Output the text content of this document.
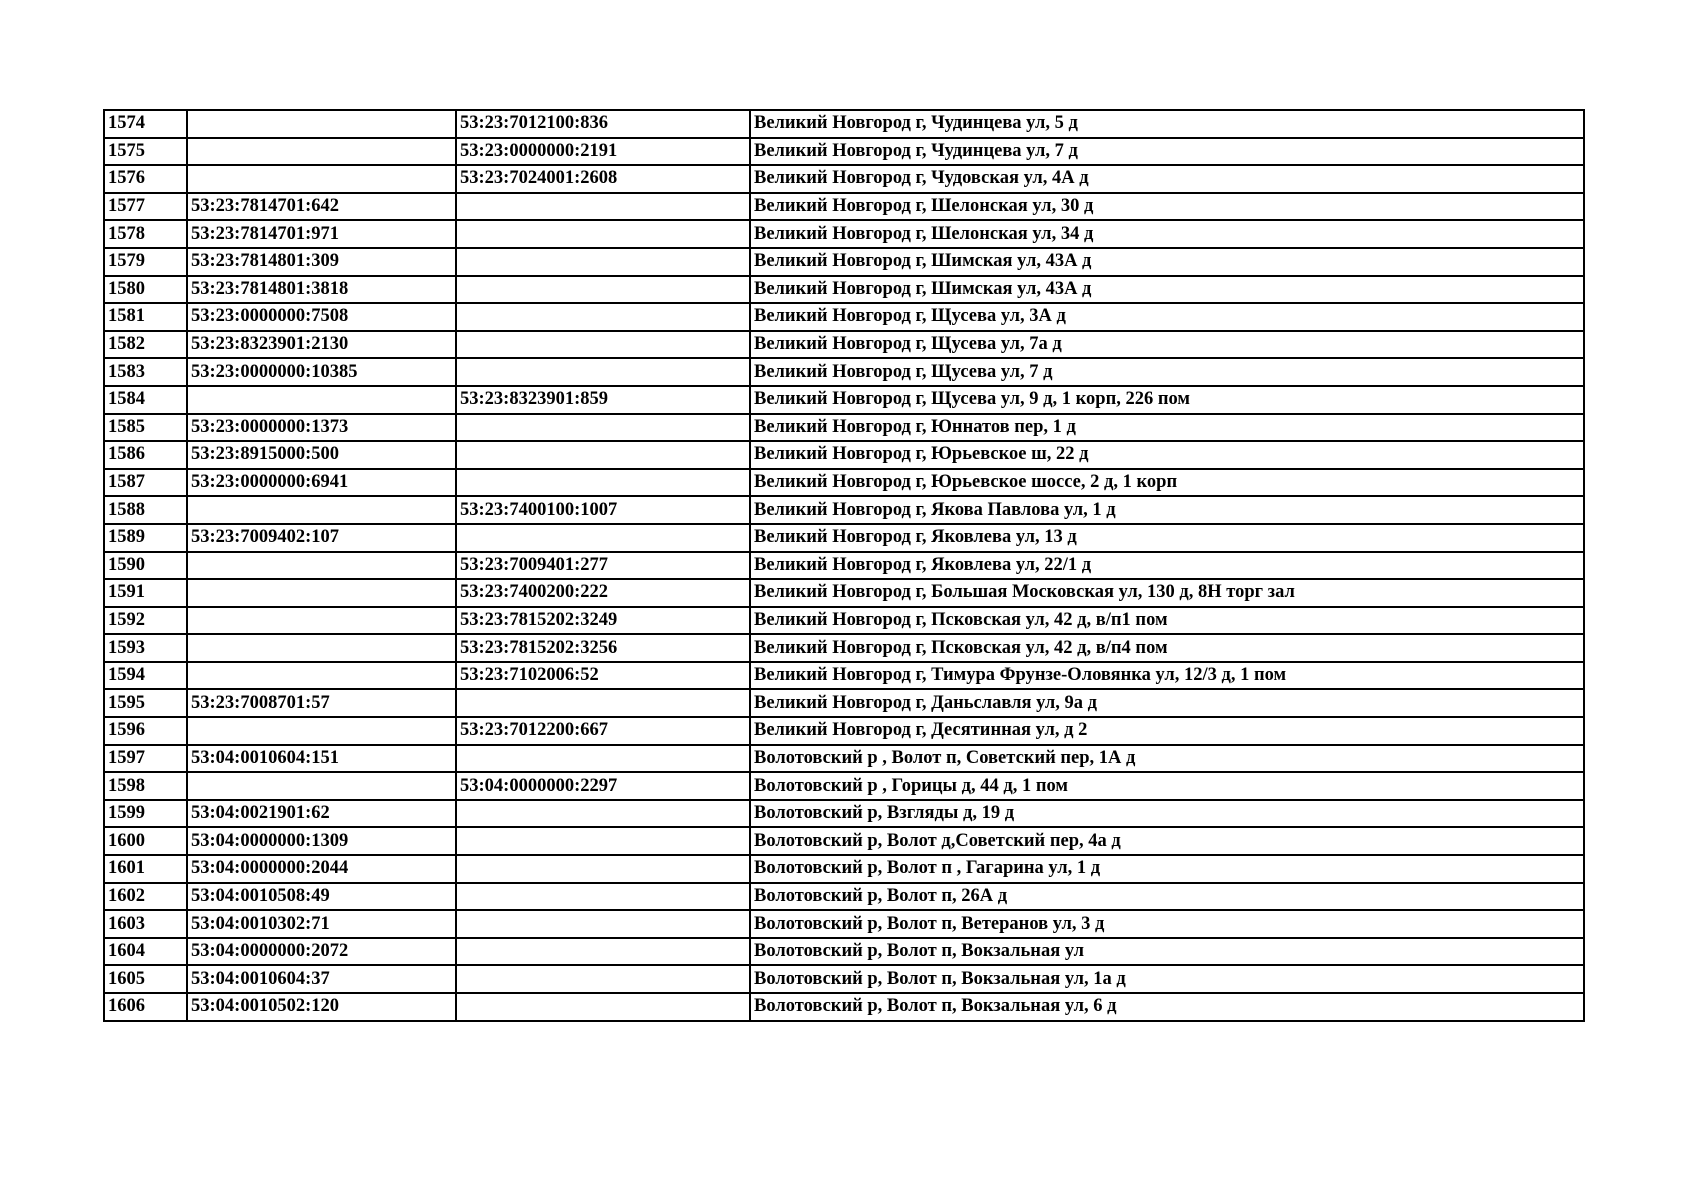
1574		53:23:7012100:836	Великий Новгород г, Чудинцева ул, 5 д
1575		53:23:0000000:2191	Великий Новгород г, Чудинцева ул, 7 д
1576		53:23:7024001:2608	Великий Новгород г, Чудовская ул, 4А д
1577	53:23:7814701:642		Великий Новгород г, Шелонская ул, 30 д
1578	53:23:7814701:971		Великий Новгород г, Шелонская ул, 34 д
1579	53:23:7814801:309		Великий Новгород г, Шимская ул, 43А д
1580	53:23:7814801:3818		Великий Новгород г, Шимская ул, 43А д
1581	53:23:0000000:7508		Великий Новгород г, Щусева ул, 3А д
1582	53:23:8323901:2130		Великий Новгород г, Щусева ул, 7а д
1583	53:23:0000000:10385		Великий Новгород г, Щусева ул, 7 д
1584		53:23:8323901:859	Великий Новгород г, Щусева ул, 9 д, 1 корп, 226 пом
1585	53:23:0000000:1373		Великий Новгород г, Юннатов пер, 1 д
1586	53:23:8915000:500		Великий Новгород г, Юрьевское ш, 22 д
1587	53:23:0000000:6941		Великий Новгород г, Юрьевское шоссе, 2 д, 1 корп
1588		53:23:7400100:1007	Великий Новгород г, Якова Павлова ул, 1 д
1589	53:23:7009402:107		Великий Новгород г, Яковлева ул, 13 д
1590		53:23:7009401:277	Великий Новгород г, Яковлева ул, 22/1 д
1591		53:23:7400200:222	Великий Новгород г, Большая Московская ул, 130 д, 8Н торг зал
1592		53:23:7815202:3249	Великий Новгород г, Псковская ул, 42 д, в/п1 пом
1593		53:23:7815202:3256	Великий Новгород г, Псковская ул, 42 д, в/п4 пом
1594		53:23:7102006:52	Великий Новгород г, Тимура Фрунзе-Оловянка ул, 12/3 д, 1 пом
1595	53:23:7008701:57		Великий Новгород г, Даньславля ул, 9а д
1596		53:23:7012200:667	Великий Новгород г, Десятинная ул, д 2
1597	53:04:0010604:151		Волотовский р , Волот п, Советский пер, 1А д
1598		53:04:0000000:2297	Волотовский р , Горицы д, 44 д, 1 пом
1599	53:04:0021901:62		Волотовский р, Взгляды д, 19 д
1600	53:04:0000000:1309		Волотовский р, Волот д,Советский пер, 4а д
1601	53:04:0000000:2044		Волотовский р, Волот п , Гагарина ул, 1 д
1602	53:04:0010508:49		Волотовский р, Волот п, 26А д
1603	53:04:0010302:71		Волотовский р, Волот п, Ветеранов ул, 3 д
1604	53:04:0000000:2072		Волотовский р, Волот п, Вокзальная ул
1605	53:04:0010604:37		Волотовский р, Волот п, Вокзальная ул, 1а д
1606	53:04:0010502:120		Волотовский р, Волот п, Вокзальная ул, 6 д
